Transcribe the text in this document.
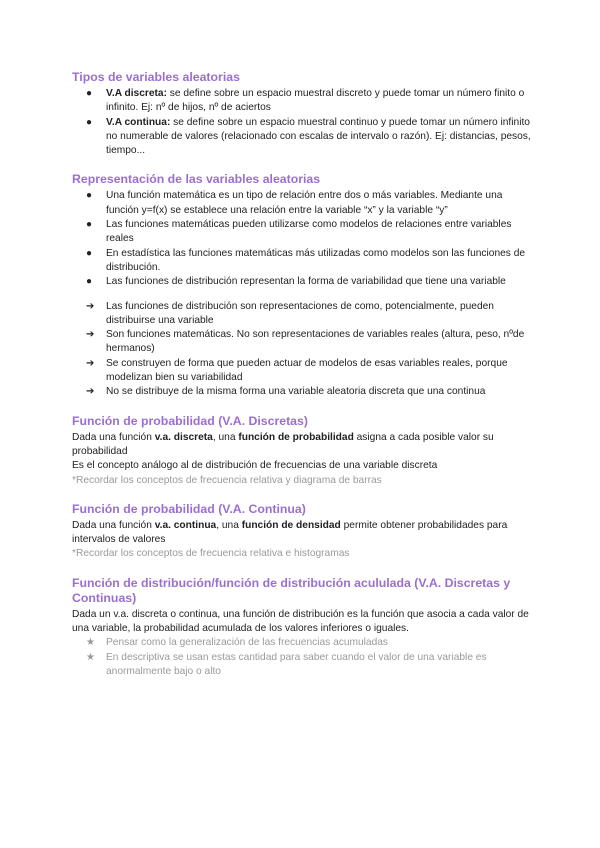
Tipos de variables aleatorias
● V.A discreta: se define sobre un espacio muestral discreto y puede tomar un número finito o infinito. Ej: nº de hijos, nº de aciertos
● V.A continua: se define sobre un espacio muestral continuo y puede tomar un número infinito no numerable de valores (relacionado con escalas de intervalo o razón). Ej: distancias, pesos, tiempo...
Representación de las variables aleatorias
● Una función matemática es un tipo de relación entre dos o más variables. Mediante una función y=f(x) se establece una relación entre la variable “x” y la variable “y”
● Las funciones matemáticas pueden utilizarse como modelos de relaciones entre variables reales
● En estadística las funciones matemáticas más utilizadas como modelos son las funciones de distribución.
● Las funciones de distribución representan la forma de variabilidad que tiene una variable
➔ Las funciones de distribución son representaciones de como, potencialmente, pueden distribuirse una variable
➔ Son funciones matemáticas. No son representaciones de variables reales (altura, peso, nºde hermanos)
➔ Se construyen de forma que pueden actuar de modelos de esas variables reales, porque modelizan bien su variabilidad
➔ No se distribuye de la misma forma una variable aleatoria discreta que una continua
Función de probabilidad (V.A. Discretas)

Dada una función v.a. discreta, una función de probabilidad asigna a cada posible valor su probabilidad

Es el concepto análogo al de distribución de frecuencias de una variable discreta

*Recordar los conceptos de frecuencia relativa y diagrama de barras

Función de probabilidad (V.A. Continua)

Dada una función v.a. continua, una función de densidad permite obtener probabilidades para intervalos de valores

*Recordar los conceptos de frecuencia relativa e histogramas

Función de distribución/función de distribución acululada (V.A. Discretas y Continuas)

Dada un v.a. discreta o continua, una función de distribución es la función que asocia a cada valor de una variable, la probabilidad acumulada de los valores inferiores o iguales.

★ Pensar como la generalización de las frecuencias acumuladas
★ En descriptiva se usan estas cantidad para saber cuando el valor de una variable es anormalmente bajo o alto
